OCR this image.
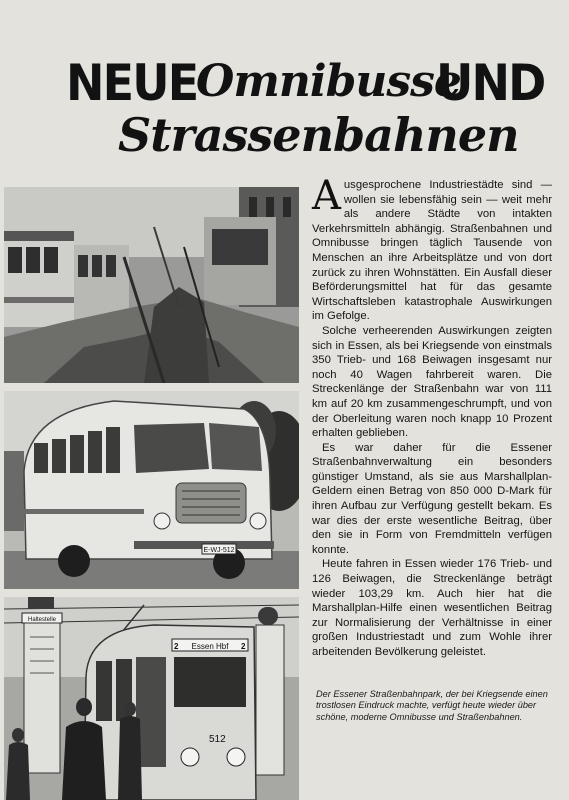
NEUE
Omnibusse
UND
Strassenbahnen
E-WJ-512
Haltestelle
2 Essen Hbf 2
512

Ausgesprochene Industriestädte sind — wollen sie lebensfähig sein — weit mehr als andere Städte von intakten Verkehrsmitteln abhängig. Straßenbahnen und Omnibusse bringen täglich Tausende von Menschen an ihre Arbeitsplätze und von dort zurück zu ihren Wohnstätten. Ein Ausfall dieser Beförderungsmittel hat für das gesamte Wirtschaftsleben katastrophale Auswirkungen im Gefolge.

Solche verheerenden Auswirkungen zeigten sich in Essen, als bei Kriegsende von einstmals 350 Trieb- und 168 Beiwagen insgesamt nur noch 40 Wagen fahrbereit waren. Die Streckenlänge der Straßenbahn war von 111 km auf 20 km zusammengeschrumpft, und von der Oberleitung waren noch knapp 10 Prozent erhalten geblieben.

Es war daher für die Essener Straßenbahnverwaltung ein besonders günstiger Umstand, als sie aus Marshallplan-Geldern einen Betrag von 850 000 D-Mark für ihren Aufbau zur Verfügung gestellt bekam. Es war dies der erste wesentliche Beitrag, über den sie in Form von Fremdmitteln verfügen konnte.

Heute fahren in Essen wieder 176 Trieb- und 126 Beiwagen, die Streckenlänge beträgt wieder 103,29 km. Auch hier hat die Marshallplan-Hilfe einen wesentlichen Beitrag zur Normalisierung der Verhältnisse in einer großen Industriestadt und zum Wohle ihrer arbeitenden Bevölkerung geleistet.

Der Essener Straßenbahnpark, der bei Kriegsende einen trostlosen Eindruck machte, verfügt heute wieder über schöne, moderne Omnibusse und Straßenbahnen.
